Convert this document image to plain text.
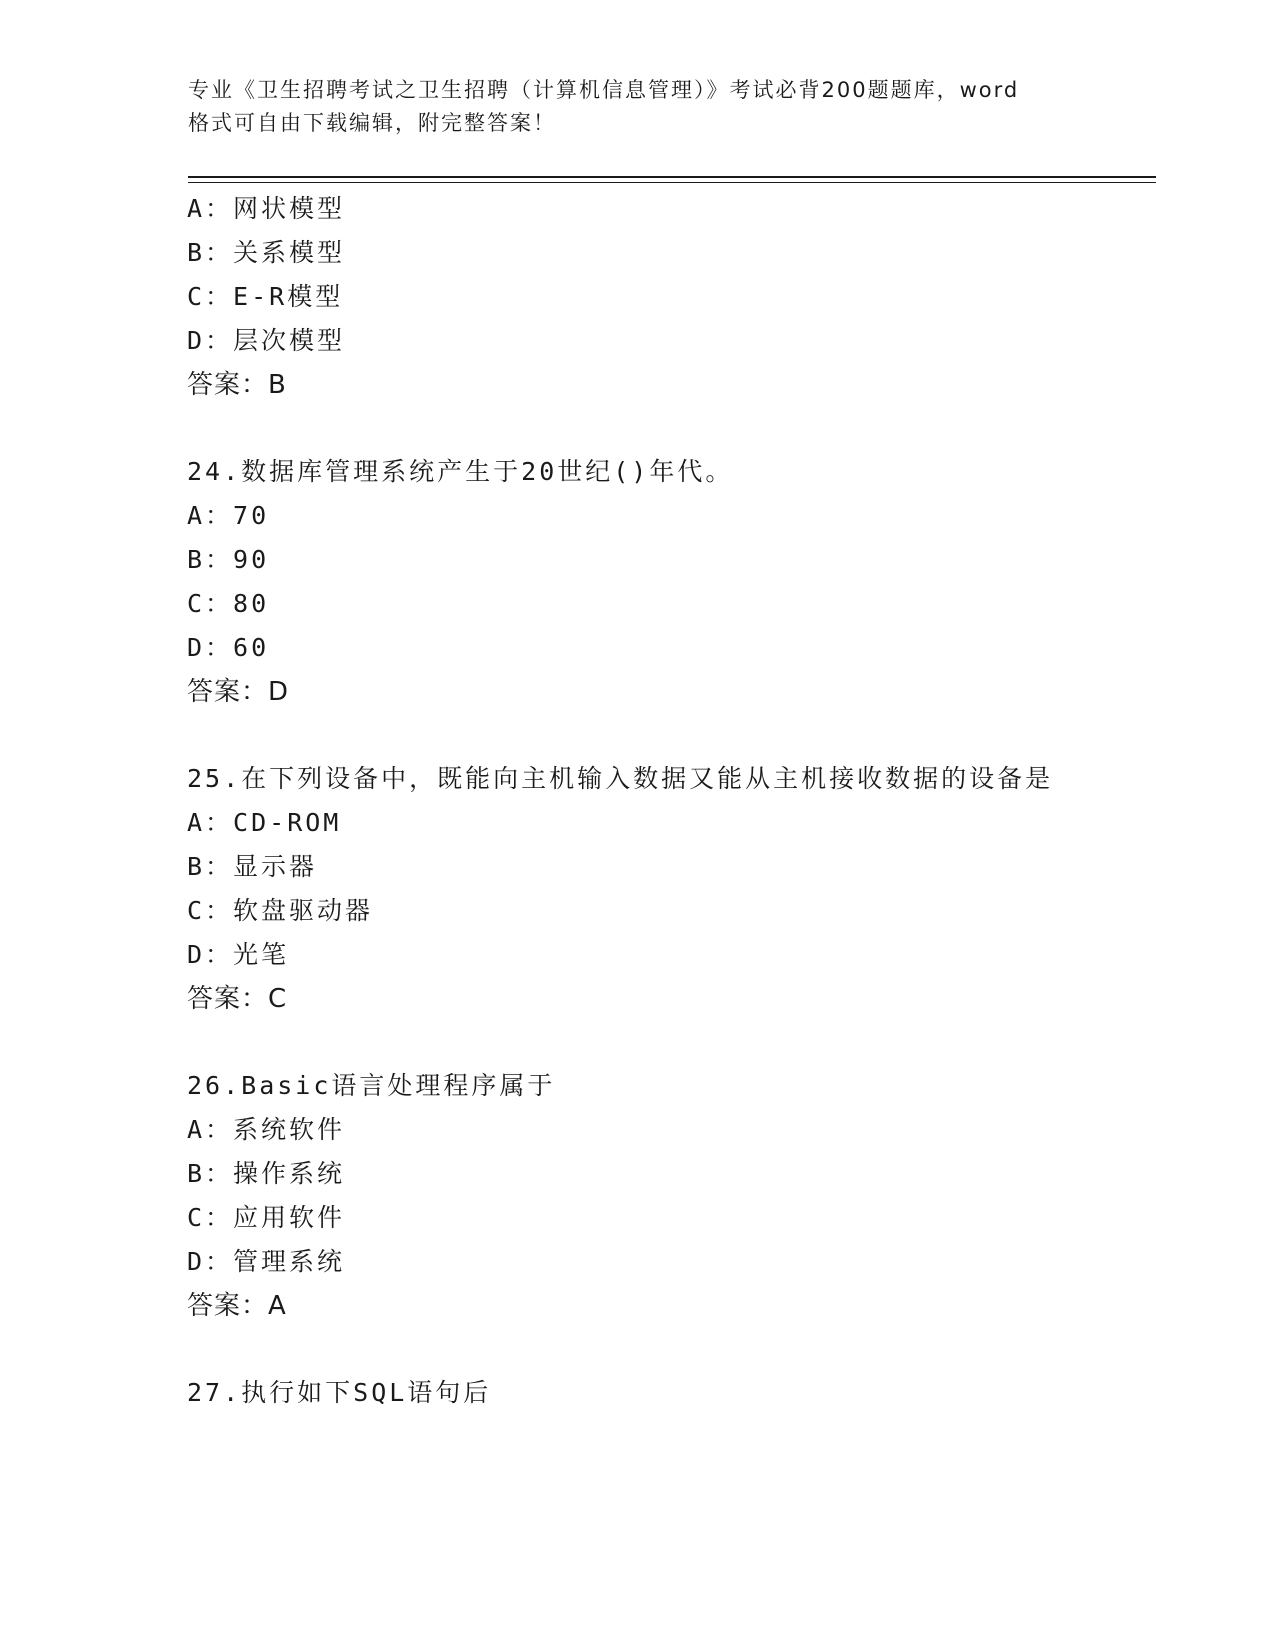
专业《卫生招聘考试之卫生招聘（计算机信息管理）》考试必背200题题库，word
格式可自由下载编辑，附完整答案！
A：网状模型
B：关系模型
C：E-R模型
D：层次模型
答案：B
24.数据库管理系统产生于20世纪()年代。
A：70
B：90
C：80
D：60
答案：D
25.在下列设备中，既能向主机输入数据又能从主机接收数据的设备是
A：CD-ROM
B：显示器
C：软盘驱动器
D：光笔
答案：C
26.Basic语言处理程序属于
A：系统软件
B：操作系统
C：应用软件
D：管理系统
答案：A
27.执行如下SQL语句后
